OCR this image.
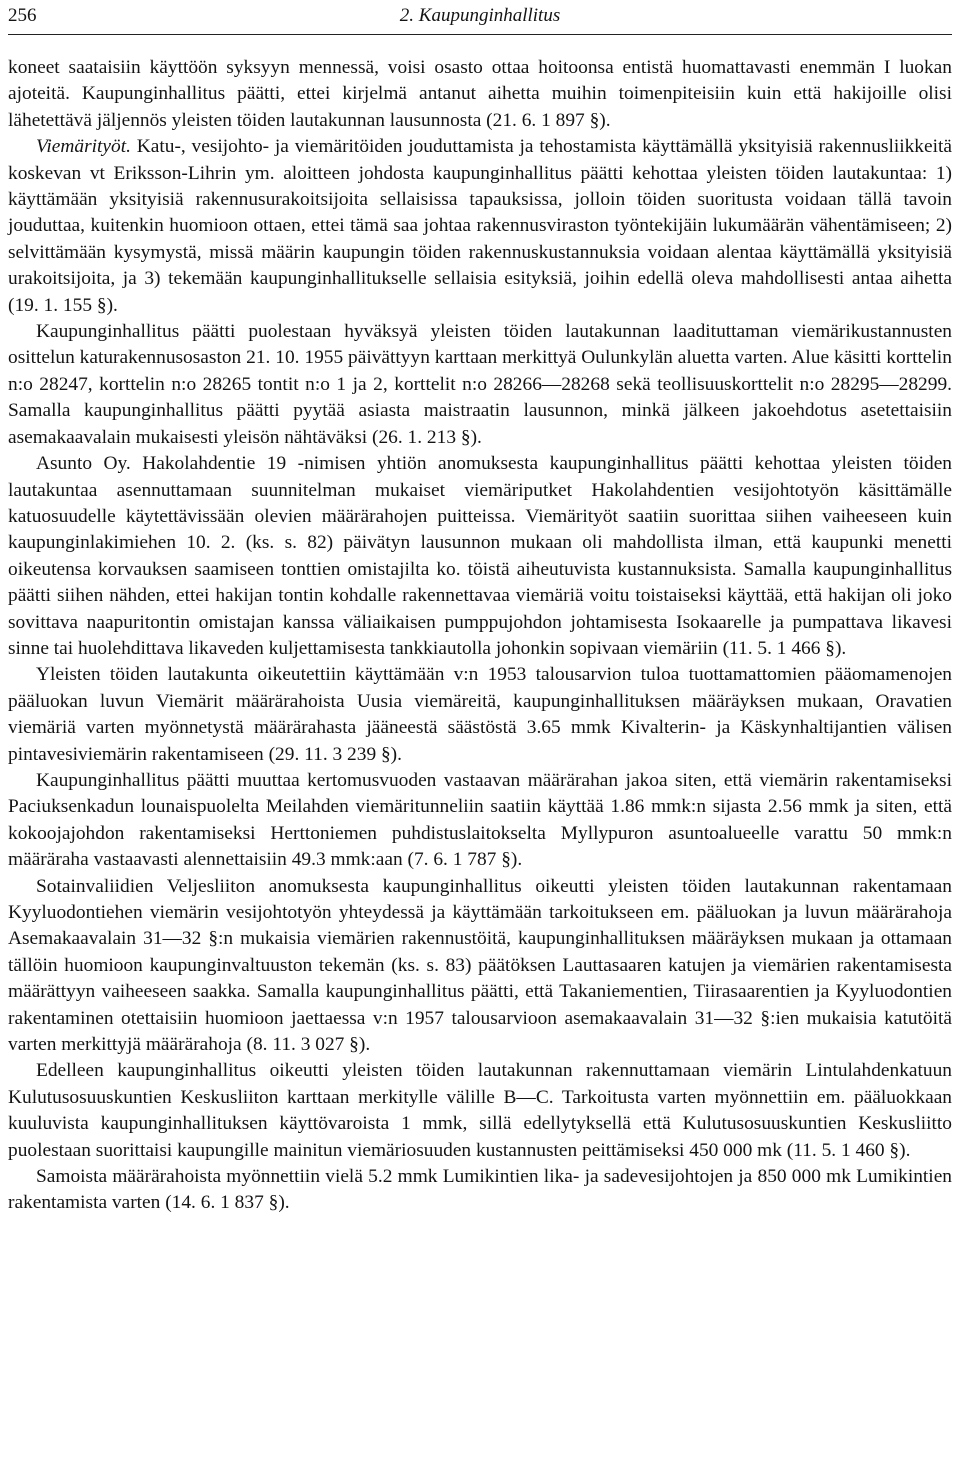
256	2. Kaupunginhallitus

koneet saataisiin käyttöön syksyyn mennessä, voisi osasto ottaa hoitoonsa entistä huomattavasti enemmän I luokan ajoteitä. Kaupunginhallitus päätti, ettei kirjelmä antanut aihetta muihin toimenpiteisiin kuin että hakijoille olisi lähetettävä jäljennös yleisten töiden lautakunnan lausunnosta (21. 6. 1 897 §).

Viemärityöt. Katu-, vesijohto- ja viemäritöiden jouduttamista ja tehostamista käyttämällä yksityisiä rakennusliikkeitä koskevan vt Eriksson-Lihrin ym. aloitteen johdosta kaupunginhallitus päätti kehottaa yleisten töiden lautakuntaa: 1) käyttämään yksityisiä rakennusurakoitsijoita sellaisissa tapauksissa, jolloin töiden suoritusta voidaan tällä tavoin jouduttaa, kuitenkin huomioon ottaen, ettei tämä saa johtaa rakennusviraston työntekijäin lukumäärän vähentämiseen; 2) selvittämään kysymystä, missä määrin kaupungin töiden rakennuskustannuksia voidaan alentaa käyttämällä yksityisiä urakoitsijoita, ja 3) tekemään kaupunginhallitukselle sellaisia esityksiä, joihin edellä oleva mahdollisesti antaa aihetta (19. 1. 155 §).

Kaupunginhallitus päätti puolestaan hyväksyä yleisten töiden lautakunnan laadituttaman viemärikustannusten osittelun katurakennusosaston 21. 10. 1955 päivättyyn karttaan merkittyä Oulunkylän aluetta varten. Alue käsitti korttelin n:o 28247, korttelin n:o 28265 tontit n:o 1 ja 2, korttelit n:o 28266—28268 sekä teollisuuskorttelit n:o 28295—28299. Samalla kaupunginhallitus päätti pyytää asiasta maistraatin lausunnon, minkä jälkeen jakoehdotus asetettaisiin asemakaavalain mukaisesti yleisön nähtäväksi (26. 1. 213 §).

Asunto Oy. Hakolahdentie 19 -nimisen yhtiön anomuksesta kaupunginhallitus päätti kehottaa yleisten töiden lautakuntaa asennuttamaan suunnitelman mukaiset viemäriputket Hakolahdentien vesijohtotyön käsittämälle katuosuudelle käytettävissään olevien määrärahojen puitteissa. Viemärityöt saatiin suorittaa siihen vaiheeseen kuin kaupunginlakimiehen 10. 2. (ks. s. 82) päivätyn lausunnon mukaan oli mahdollista ilman, että kaupunki menetti oikeutensa korvauksen saamiseen tonttien omistajilta ko. töistä aiheutuvista kustannuksista. Samalla kaupunginhallitus päätti siihen nähden, ettei hakijan tontin kohdalle rakennettavaa viemäriä voitu toistaiseksi käyttää, että hakijan oli joko sovittava naapuritontin omistajan kanssa väliaikaisen pumppujohdon johtamisesta Isokaarelle ja pumpattava likavesi sinne tai huolehdittava likaveden kuljettamisesta tankkiautolla johonkin sopivaan viemäriin (11. 5. 1 466 §).

Yleisten töiden lautakunta oikeutettiin käyttämään v:n 1953 talousarvion tuloa tuottamattomien pääomamenojen pääluokan luvun Viemärit määrärahoista Uusia viemäreitä, kaupunginhallituksen määräyksen mukaan, Oravatien viemäriä varten myönnetystä määrärahasta jääneestä säästöstä 3.65 mmk Kivalterin- ja Käskynhaltijantien välisen pintavesiviemärin rakentamiseen (29. 11. 3 239 §).

Kaupunginhallitus päätti muuttaa kertomusvuoden vastaavan määrärahan jakoa siten, että viemärin rakentamiseksi Paciuksenkadun lounaispuolelta Meilahden viemäritunneliin saatiin käyttää 1.86 mmk:n sijasta 2.56 mmk ja siten, että kokoojajohdon rakentamiseksi Herttoniemen puhdistuslaitokselta Myllypuron asuntoalueelle varattu 50 mmk:n määräraha vastaavasti alennettaisiin 49.3 mmk:aan (7. 6. 1 787 §).

Sotainvaliidien Veljesliiton anomuksesta kaupunginhallitus oikeutti yleisten töiden lautakunnan rakentamaan Kyyluodontiehen viemärin vesijohtotyön yhteydessä ja käyttämään tarkoitukseen em. pääluokan ja luvun määrärahoja Asemakaavalain 31—32 §:n mukaisia viemärien rakennustöitä, kaupunginhallituksen määräyksen mukaan ja ottamaan tällöin huomioon kaupunginvaltuuston tekemän (ks. s. 83) päätöksen Lauttasaaren katujen ja viemärien rakentamisesta määrättyyn vaiheeseen saakka. Samalla kaupunginhallitus päätti, että Takaniementien, Tiirasaarentien ja Kyyluodontien rakentaminen otettaisiin huomioon jaettaessa v:n 1957 talousarvioon asemakaavalain 31—32 §:ien mukaisia katutöitä varten merkittyjä määrärahoja (8. 11. 3 027 §).

Edelleen kaupunginhallitus oikeutti yleisten töiden lautakunnan rakennuttamaan viemärin Lintulahdenkatuun Kulutusosuuskuntien Keskusliiton karttaan merkitylle välille B—C. Tarkoitusta varten myönnettiin em. pääluokkaan kuuluvista kaupunginhallituksen käyttövaroista 1 mmk, sillä edellytyksellä että Kulutusosuuskuntien Keskusliitto puolestaan suorittaisi kaupungille mainitun viemäriosuuden kustannusten peittämiseksi 450 000 mk (11. 5. 1 460 §).

Samoista määrärahoista myönnettiin vielä 5.2 mmk Lumikintien lika- ja sadevesijohtojen ja 850 000 mk Lumikintien rakentamista varten (14. 6. 1 837 §).
